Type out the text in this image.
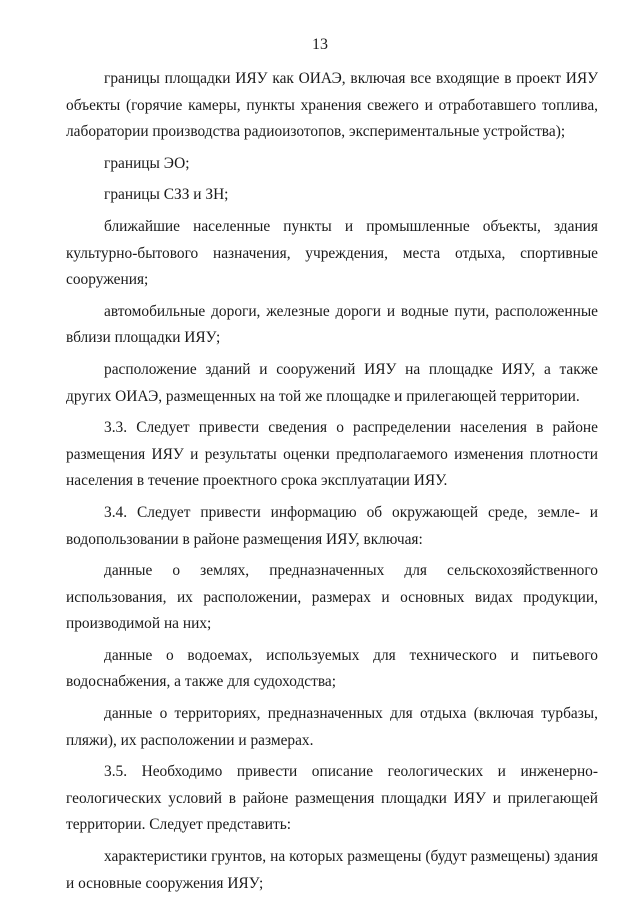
13

границы площадки ИЯУ как ОИАЭ, включая все входящие в проект ИЯУ объекты (горячие камеры, пункты хранения свежего и отработавшего топлива, лаборатории производства радиоизотопов, экспериментальные устройства);

границы ЭО;

границы СЗЗ и ЗН;

ближайшие населенные пункты и промышленные объекты, здания культурно-бытового назначения, учреждения, места отдыха, спортивные сооружения;

автомобильные дороги, железные дороги и водные пути, расположенные вблизи площадки ИЯУ;

расположение зданий и сооружений ИЯУ на площадке ИЯУ, а также других ОИАЭ, размещенных на той же площадке и прилегающей территории.

3.3. Следует привести сведения о распределении населения в районе размещения ИЯУ и результаты оценки предполагаемого изменения плотности населения в течение проектного срока эксплуатации ИЯУ.

3.4. Следует привести информацию об окружающей среде, земле- и водопользовании в районе размещения ИЯУ, включая:

данные о землях, предназначенных для сельскохозяйственного использования, их расположении, размерах и основных видах продукции, производимой на них;

данные о водоемах, используемых для технического и питьевого водоснабжения, а также для судоходства;

данные о территориях, предназначенных для отдыха (включая турбазы, пляжи), их расположении и размерах.

3.5. Необходимо привести описание геологических и инженерно-геологических условий в районе размещения площадки ИЯУ и прилегающей территории. Следует представить:

характеристики грунтов, на которых размещены (будут размещены) здания и основные сооружения ИЯУ;
